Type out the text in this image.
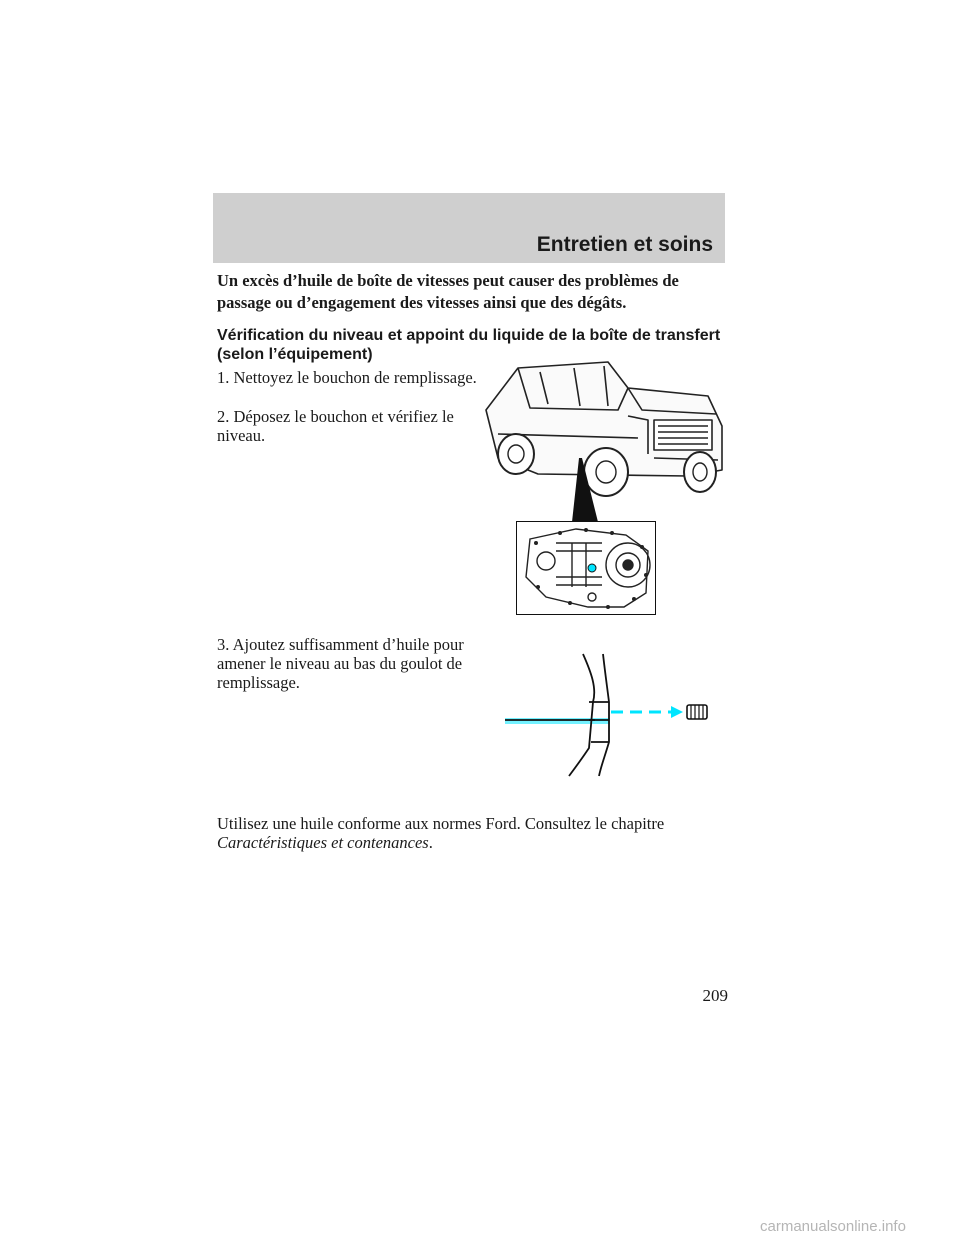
Entretien et soins
Un excès d’huile de boîte de vitesses peut causer des problèmes de passage ou d’engagement des vitesses ainsi que des dégâts.
Vérification du niveau et appoint du liquide de la boîte de transfert (selon l’équipement)
1. Nettoyez le bouchon de remplissage.
2. Déposez le bouchon et vérifiez le niveau.
3. Ajoutez suffisamment d’huile pour amener le niveau au bas du goulot de remplissage.
Utilisez une huile conforme aux normes Ford. Consultez le chapitre
Caractéristiques et contenances.
209
carmanualsonline.info
